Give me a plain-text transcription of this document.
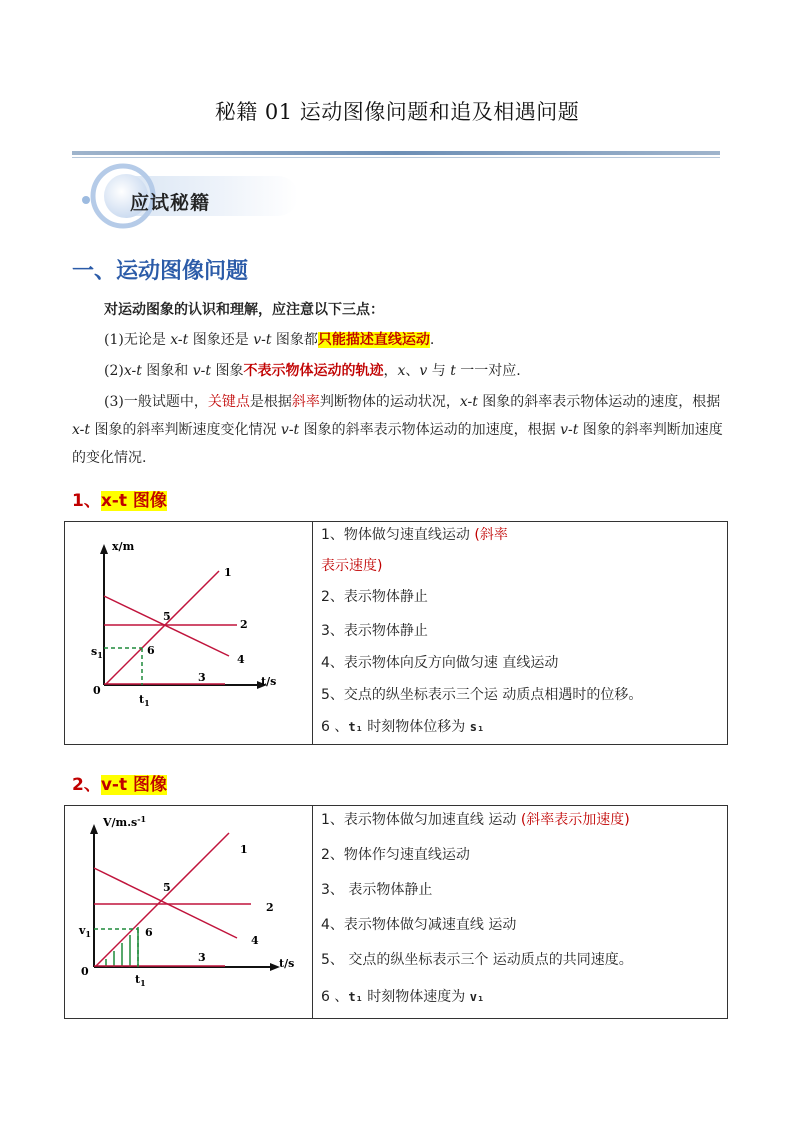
秘籍 01 运动图像问题和追及相遇问题
应试秘籍
一、运动图像问题
对运动图象的认识和理解，应注意以下三点：
(1)无论是 x-t 图象还是 v-t 图象都只能描述直线运动.
(2)x-t 图象和 v-t 图象不表示物体运动的轨迹，x、v 与 t 一一对应.
(3)一般试题中，关键点是根据斜率判断物体的运动状况，x-t 图象的斜率表示物体运动的速度，根据 x-t 图象的斜率判断速度变化情况 v-t 图象的斜率表示物体运动的加速度，根据 v-t 图象的斜率判断加速度的变化情况.
1、x-t 图像
x/m
t/s
0
$s_1$
$t_1$
1
2
3
4
5
6
1、物体做匀速直线运动 (斜率
表示速度)
2、表示物体静止
3、表示物体静止
4、表示物体向反方向做匀速 直线运动
5、交点的纵坐标表示三个运 动质点相遇时的位移。
6 、t₁ 时刻物体位移为 s₁
2、v-t 图像
$V/m.s^{-1}$
t/s
0
$v_1$
$t_1$
1
2
3
4
5
6
1、表示物体做匀加速直线 运动 (斜率表示加速度)
2、物体作匀速直线运动
3、 表示物体静止
4、表示物体做匀减速直线 运动
5、 交点的纵坐标表示三个 运动质点的共同速度。
6 、t₁ 时刻物体速度为 v₁
